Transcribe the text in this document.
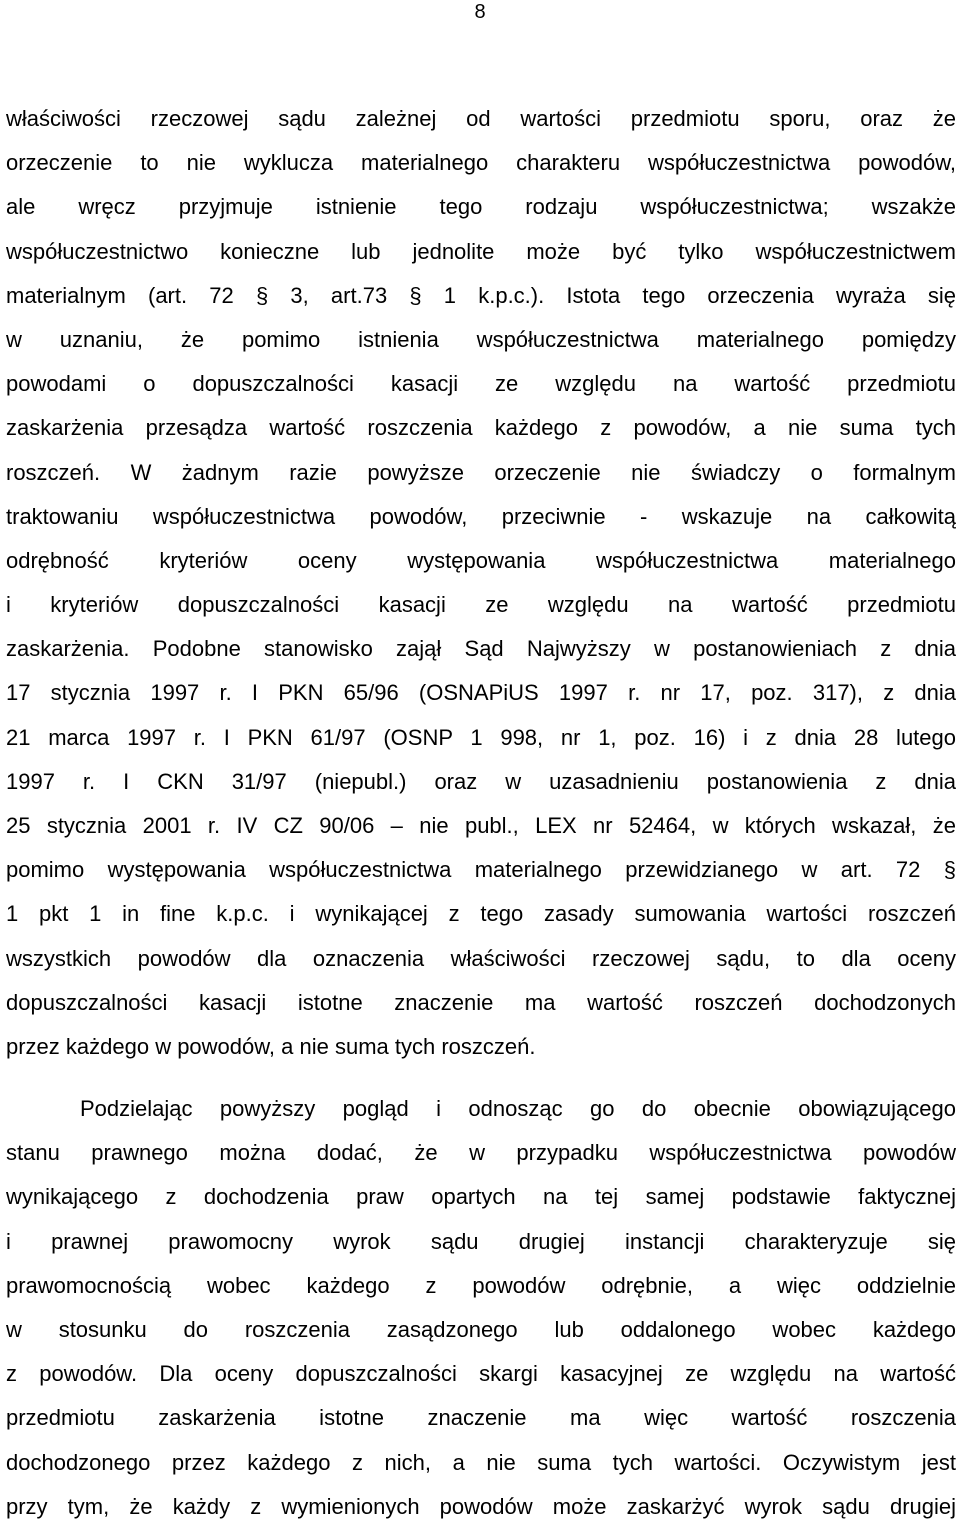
8
właściwości rzeczowej sądu zależnej od wartości przedmiotu sporu, oraz że
orzeczenie to nie wyklucza materialnego charakteru współuczestnictwa powodów,
ale wręcz przyjmuje istnienie tego rodzaju współuczestnictwa; wszakże
współuczestnictwo konieczne lub jednolite może być tylko współuczestnictwem
materialnym (art. 72 § 3, art.73 § 1 k.p.c.). Istota tego orzeczenia wyraża się
w uznaniu, że pomimo istnienia współuczestnictwa materialnego pomiędzy
powodami o dopuszczalności kasacji ze względu na wartość przedmiotu
zaskarżenia przesądza wartość roszczenia każdego z powodów, a nie suma tych
roszczeń. W żadnym razie powyższe orzeczenie nie świadczy o formalnym
traktowaniu współuczestnictwa powodów, przeciwnie - wskazuje na całkowitą
odrębność kryteriów oceny występowania współuczestnictwa materialnego
i kryteriów dopuszczalności kasacji ze względu na wartość przedmiotu
zaskarżenia. Podobne stanowisko zajął Sąd Najwyższy w postanowieniach z dnia
17 stycznia 1997 r. I PKN 65/96 (OSNAPiUS 1997 r. nr 17, poz. 317), z dnia
21 marca 1997 r. I PKN 61/97 (OSNP 1 998, nr 1, poz. 16) i z dnia 28 lutego
1997 r. I CKN 31/97 (niepubl.) oraz w uzasadnieniu postanowienia z dnia
25 stycznia 2001 r. IV CZ 90/06 – nie publ., LEX nr 52464, w których wskazał, że
pomimo występowania współuczestnictwa materialnego przewidzianego w art. 72 §
1 pkt 1 in fine k.p.c. i wynikającej z tego zasady sumowania wartości roszczeń
wszystkich powodów dla oznaczenia właściwości rzeczowej sądu, to dla oceny
dopuszczalności kasacji istotne znaczenie ma wartość roszczeń dochodzonych
przez każdego w powodów, a nie suma tych roszczeń.
Podzielając powyższy pogląd i odnosząc go do obecnie obowiązującego
stanu prawnego można dodać, że w przypadku współuczestnictwa powodów
wynikającego z dochodzenia praw opartych na tej samej podstawie faktycznej
i prawnej prawomocny wyrok sądu drugiej instancji charakteryzuje się
prawomocnością wobec każdego z powodów odrębnie, a więc oddzielnie
w stosunku do roszczenia zasądzonego lub oddalonego wobec każdego
z powodów. Dla oceny dopuszczalności skargi kasacyjnej ze względu na wartość
przedmiotu zaskarżenia istotne znaczenie ma więc wartość roszczenia
dochodzonego przez każdego z nich, a nie suma tych wartości. Oczywistym jest
przy tym, że każdy z wymienionych powodów może zaskarżyć wyrok sądu drugiej
